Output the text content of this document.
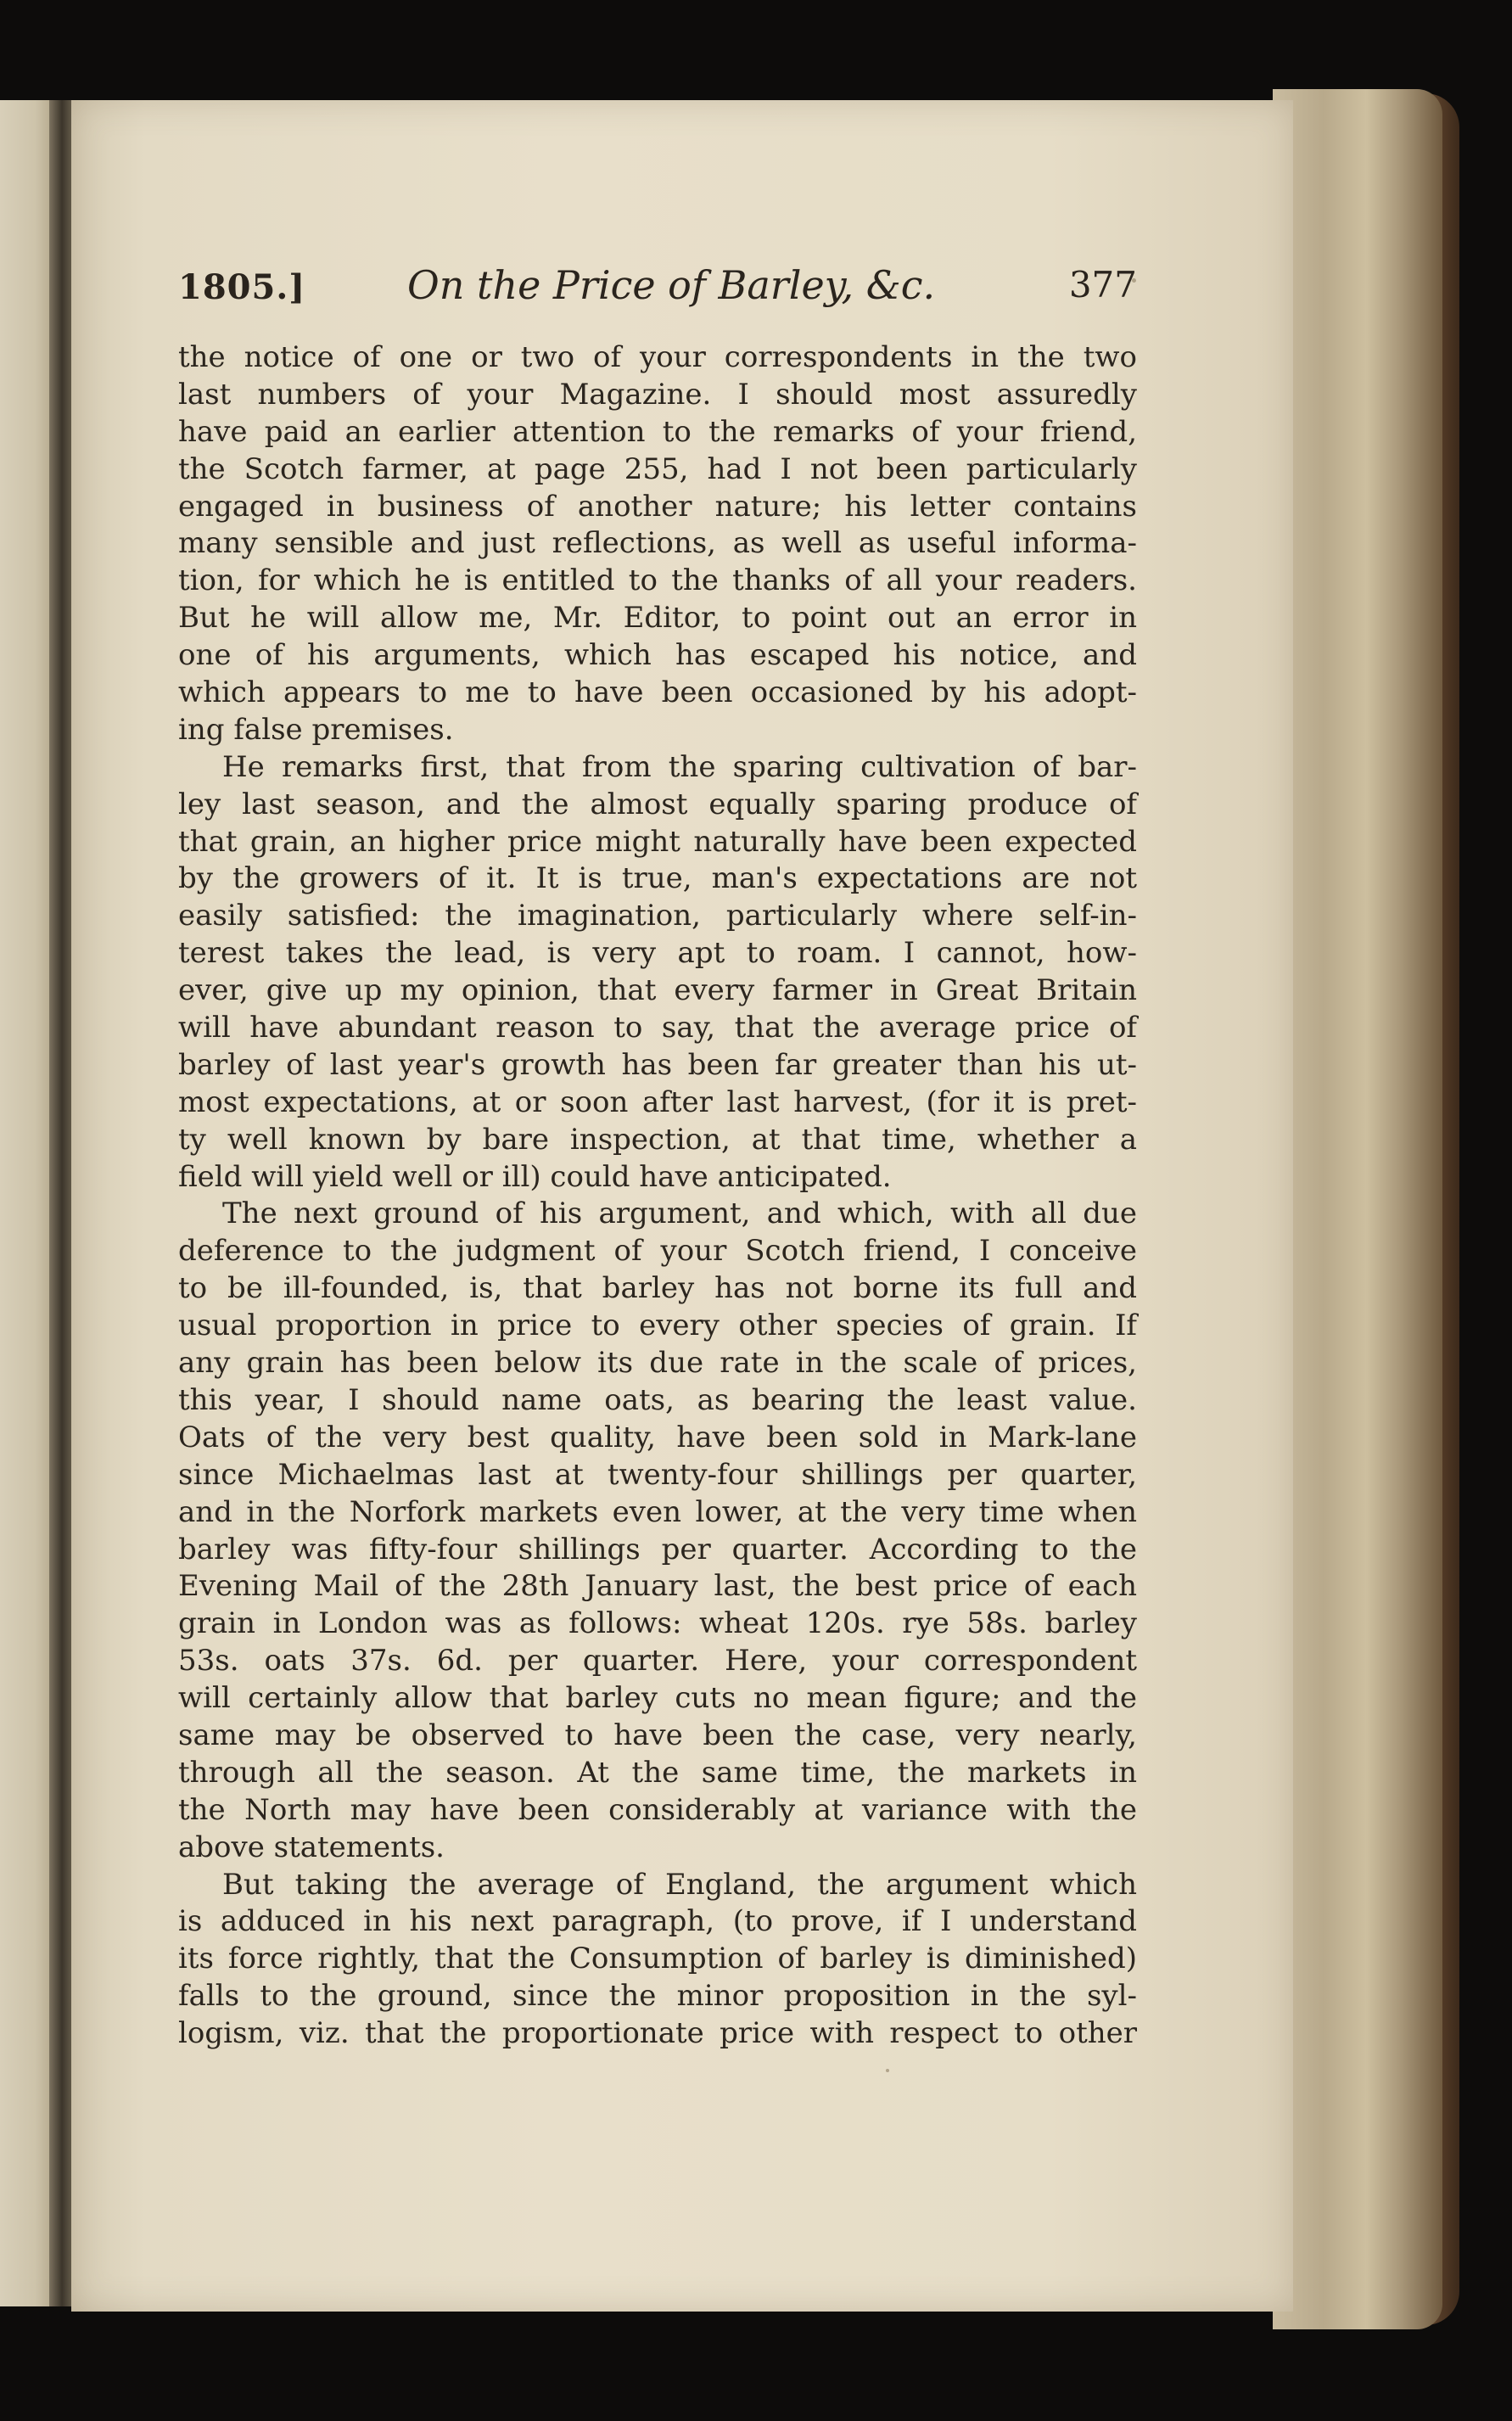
1805.]	On the Price of Barley, &c.	377
the notice of one or two of your correspondents in the two
last numbers of your Magazine. I should most assuredly
have paid an earlier attention to the remarks of your friend,
the Scotch farmer, at page 255, had I not been particularly
engaged in business of another nature; his letter contains
many sensible and just reflections, as well as useful informa-
tion, for which he is entitled to the thanks of all your readers.
But he will allow me, Mr. Editor, to point out an error in
one of his arguments, which has escaped his notice, and
which appears to me to have been occasioned by his adopt-
ing false premises.
He remarks first, that from the sparing cultivation of bar-
ley last season, and the almost equally sparing produce of
that grain, an higher price might naturally have been expected
by the growers of it. It is true, man's expectations are not
easily satisfied: the imagination, particularly where self-in-
terest takes the lead, is very apt to roam. I cannot, how-
ever, give up my opinion, that every farmer in Great Britain
will have abundant reason to say, that the average price of
barley of last year's growth has been far greater than his ut-
most expectations, at or soon after last harvest, (for it is pret-
ty well known by bare inspection, at that time, whether a
field will yield well or ill) could have anticipated.
The next ground of his argument, and which, with all due
deference to the judgment of your Scotch friend, I conceive
to be ill-founded, is, that barley has not borne its full and
usual proportion in price to every other species of grain. If
any grain has been below its due rate in the scale of prices,
this year, I should name oats, as bearing the least value.
Oats of the very best quality, have been sold in Mark-lane
since Michaelmas last at twenty-four shillings per quarter,
and in the Norfork markets even lower, at the very time when
barley was fifty-four shillings per quarter. According to the
Evening Mail of the 28th January last, the best price of each
grain in London was as follows: wheat 120s. rye 58s. barley
53s. oats 37s. 6d. per quarter. Here, your correspondent
will certainly allow that barley cuts no mean figure; and the
same may be observed to have been the case, very nearly,
through all the season. At the same time, the markets in
the North may have been considerably at variance with the
above statements.
But taking the average of England, the argument which
is adduced in his next paragraph, (to prove, if I understand
its force rightly, that the Consumption of barley is diminished)
falls to the ground, since the minor proposition in the syl-
logism, viz. that the proportionate price with respect to other
